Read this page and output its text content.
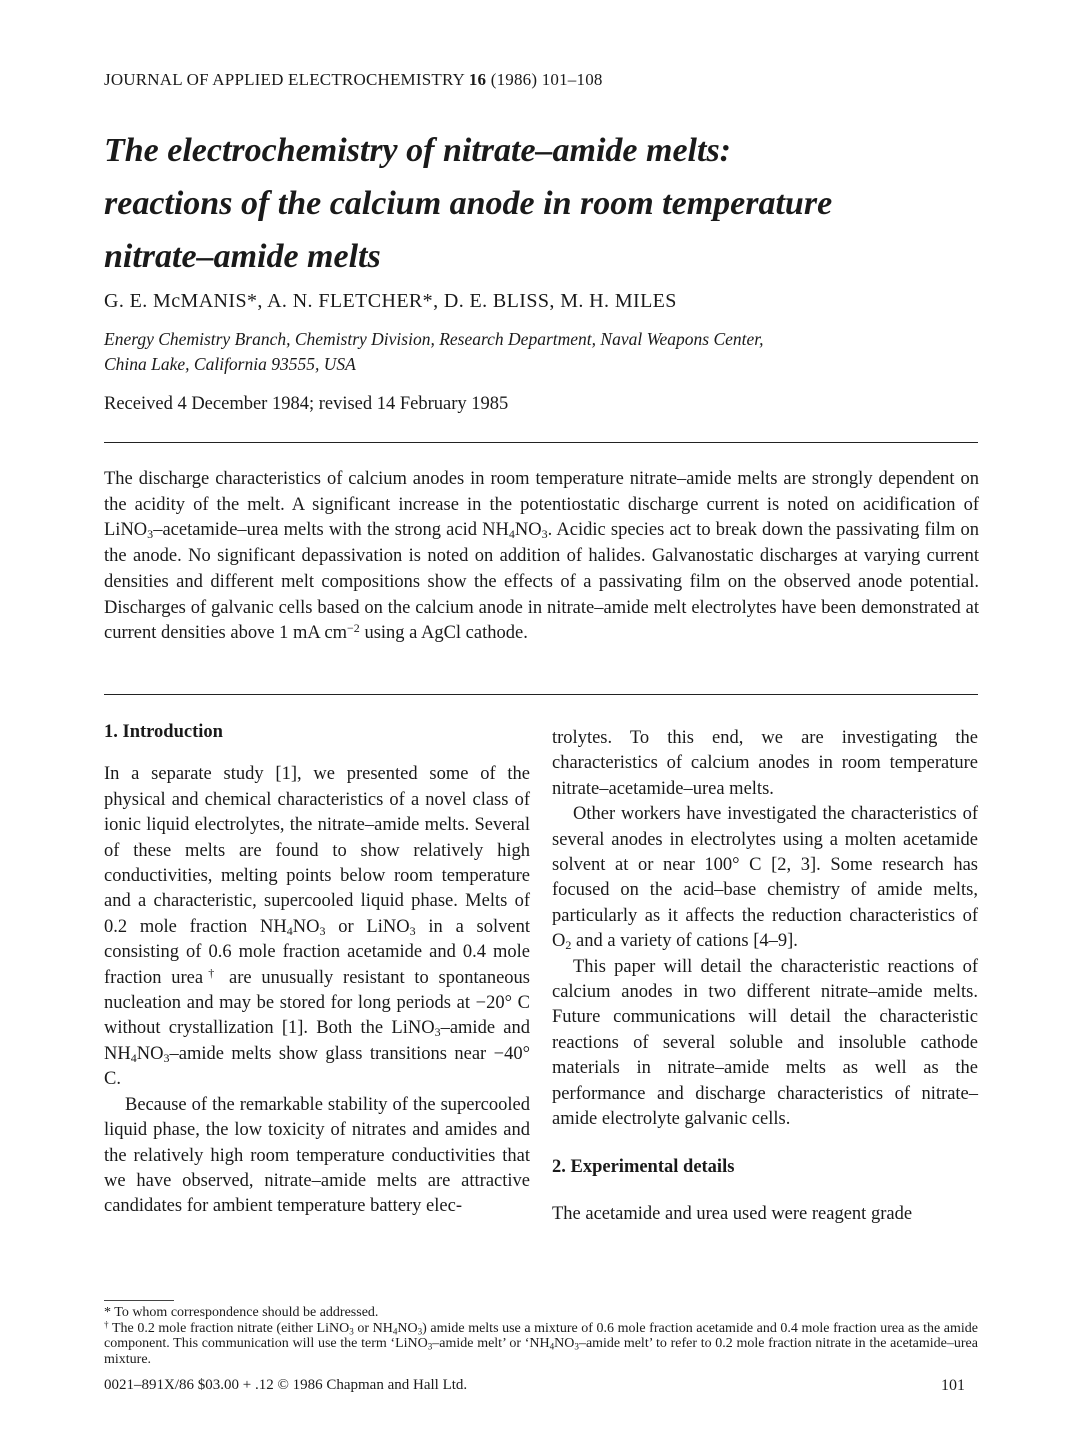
JOURNAL OF APPLIED ELECTROCHEMISTRY 16 (1986) 101–108
The electrochemistry of nitrate–amide melts:
reactions of the calcium anode in room temperature
nitrate–amide melts
G. E. McMANIS*, A. N. FLETCHER*, D. E. BLISS, M. H. MILES
Energy Chemistry Branch, Chemistry Division, Research Department, Naval Weapons Center,
China Lake, California 93555, USA
Received 4 December 1984; revised 14 February 1985
The discharge characteristics of calcium anodes in room temperature nitrate–amide melts are strongly dependent on the acidity of the melt. A significant increase in the potentiostatic discharge current is noted on acidification of LiNO$_3$–acetamide–urea melts with the strong acid $NH_4NO_3$. Acidic species act to break down the passivating film on the anode. No significant depassivation is noted on addition of halides. Galvanostatic discharges at varying current densities and different melt compositions show the effects of a passivating film on the observed anode potential. Discharges of galvanic cells based on the calcium anode in nitrate–amide melt electrolytes have been demonstrated at current densities above 1 mA $cm^{-2}$ using a AgCl cathode.
1. Introduction

In a separate study [1], we presented some of the physical and chemical characteristics of a novel class of ionic liquid electrolytes, the nitrate–amide melts. Several of these melts are found to show relatively high conductivities, melting points below room temperature and a characteristic, supercooled liquid phase. Melts of 0.2 mole fraction $NH_4NO_3$ or LiNO$_3$ in a solvent consisting of 0.6 mole fraction acetamide and 0.4 mole fraction urea† are unusually resistant to spontaneous nucleation and may be stored for long periods at −20° C without crystallization [1]. Both the LiNO$_3$–amide and $NH_4NO_3$–amide melts show glass transitions near −40° C.

Because of the remarkable stability of the supercooled liquid phase, the low toxicity of nitrates and amides and the relatively high room temperature conductivities that we have observed, nitrate–amide melts are attractive candidates for ambient temperature battery elec-

trolytes. To this end, we are investigating the characteristics of calcium anodes in room temperature nitrate–acetamide–urea melts.

Other workers have investigated the characteristics of several anodes in electrolytes using a molten acetamide solvent at or near 100° C [2, 3]. Some research has focused on the acid–base chemistry of amide melts, particularly as it affects the reduction characteristics of $O_2$ and a variety of cations [4–9].

This paper will detail the characteristic reactions of calcium anodes in two different nitrate–amide melts. Future communications will detail the characteristic reactions of several soluble and insoluble cathode materials in nitrate–amide melts as well as the performance and discharge characteristics of nitrate–amide electrolyte galvanic cells.

2. Experimental details

The acetamide and urea used were reagent grade

* To whom correspondence should be addressed.

† The 0.2 mole fraction nitrate (either LiNO$_3$ or $NH_4NO_3$) amide melts use a mixture of 0.6 mole fraction acetamide and 0.4 mole fraction urea as the amide component. This communication will use the term ‘LiNO$_3$–amide melt’ or ‘$NH_4NO_3$–amide melt’ to refer to 0.2 mole fraction nitrate in the acetamide–urea mixture.

0021–891X/86 $03.00 + .12 © 1986 Chapman and Hall Ltd.	101
